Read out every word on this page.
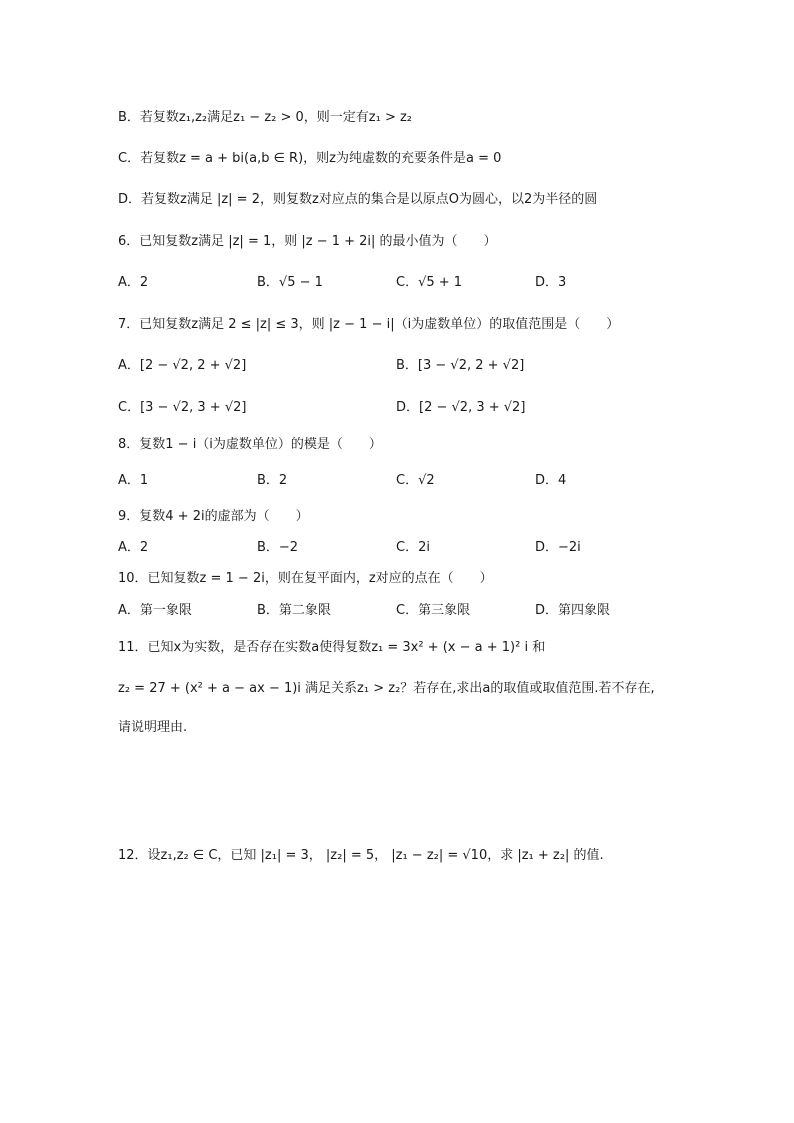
B．若复数z₁,z₂满足z₁ − z₂ > 0，则一定有z₁ > z₂
C．若复数z = a + bi(a,b ∈ R)，则z为纯虚数的充要条件是a = 0
D．若复数z满足 |z| = 2，则复数z对应点的集合是以原点O为圆心，以2为半径的圆
6．已知复数z满足 |z| = 1，则 |z − 1 + 2i| 的最小值为（　　）
A．2	B．√5 − 1	C．√5 + 1	D．3
7．已知复数z满足 2 ≤ |z| ≤ 3，则 |z − 1 − i|（i为虚数单位）的取值范围是（　　）
A．[2 − √2, 2 + √2]	B．[3 − √2, 2 + √2]
C．[3 − √2, 3 + √2]	D．[2 − √2, 3 + √2]
8．复数1 − i（i为虚数单位）的模是（　　）
A．1	B．2	C．√2	D．4
9．复数4 + 2i的虚部为（　　）
A．2	B．−2	C．2i	D．−2i
10．已知复数z = 1 − 2i，则在复平面内，z对应的点在（　　）
A．第一象限	B．第二象限	C．第三象限	D．第四象限
11．已知x为实数，是否存在实数a使得复数z₁ = 3x² + (x − a + 1)² i 和
z₂ = 27 + (x² + a − ax − 1)i 满足关系z₁ > z₂？若存在,求出a的取值或取值范围.若不存在,
请说明理由.
12．设z₁,z₂ ∈ C，已知 |z₁| = 3， |z₂| = 5， |z₁ − z₂| = √10，求 |z₁ + z₂| 的值.
